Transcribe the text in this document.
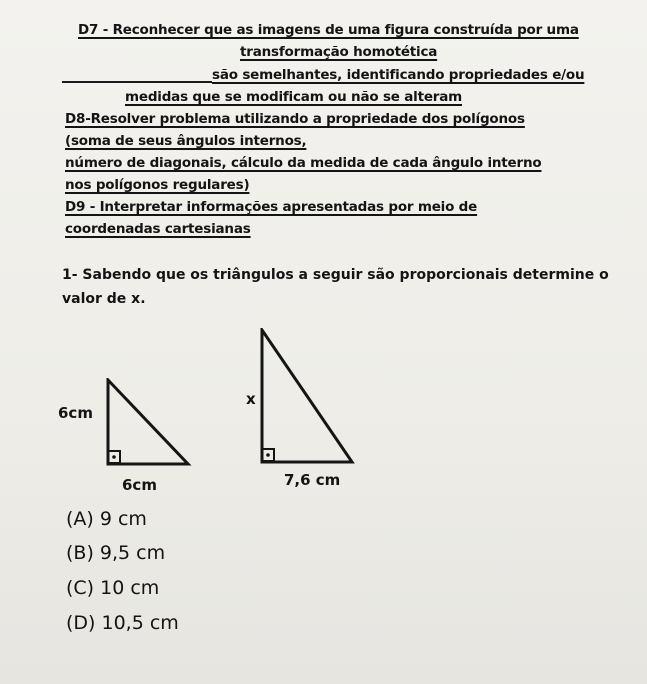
D7 - Reconhecer que as imagens de uma figura construída por uma
transformação homotética
são semelhantes, identificando propriedades e/ou
medidas que se modificam ou não se alteram
D8-Resolver problema utilizando a propriedade dos polígonos
(soma de seus ângulos internos,
número de diagonais, cálculo da medida de cada ângulo interno
nos polígonos regulares)
D9 - Interpretar informações apresentadas por meio de
coordenadas cartesianas
1- Sabendo que os triângulos a seguir são proporcionais determine o
valor de x.
6cm
6cm
x
7,6 cm
(A) 9 cm
(B) 9,5 cm
(C) 10 cm
(D) 10,5 cm
